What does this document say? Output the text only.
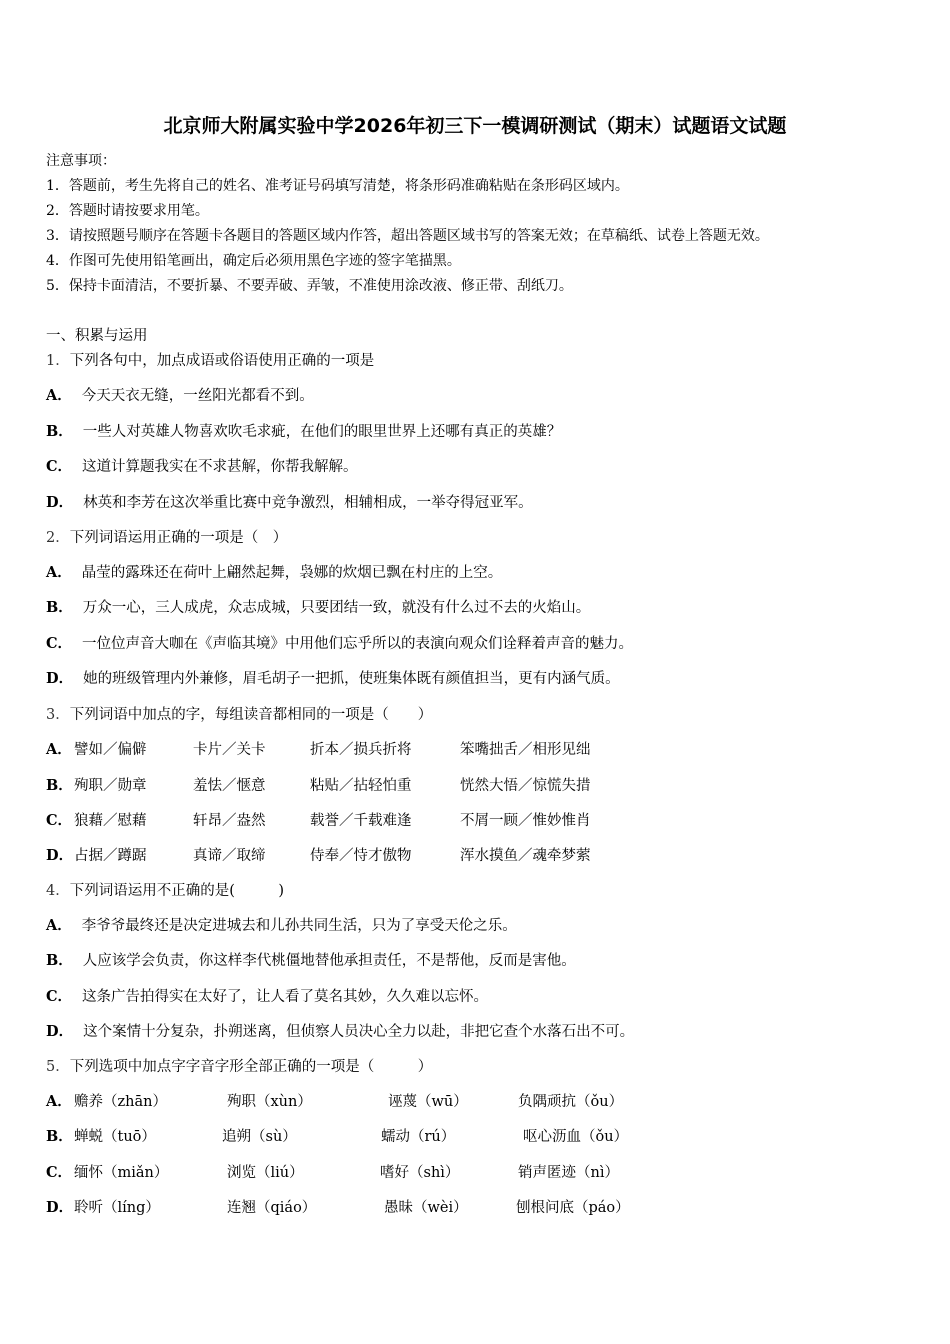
北京师大附属实验中学2026年初三下一模调研测试（期末）试题语文试题
注意事项：
1．答题前，考生先将自己的姓名、准考证号码填写清楚，将条形码准确粘贴在条形码区域内。
2．答题时请按要求用笔。
3．请按照题号顺序在答题卡各题目的答题区域内作答，超出答题区域书写的答案无效；在草稿纸、试卷上答题无效。
4．作图可先使用铅笔画出，确定后必须用黑色字迹的签字笔描黑。
5．保持卡面清洁，不要折暴、不要弄破、弄皱，不准使用涂改液、修正带、刮纸刀。
一、积累与运用
1．下列各句中，加点成语或俗语使用正确的一项是
A． 今天天衣无缝，一丝阳光都看不到。
B． 一些人对英雄人物喜欢吹毛求疵，在他们的眼里世界上还哪有真正的英雄？
C． 这道计算题我实在不求甚解，你帮我解解。
D． 林英和李芳在这次举重比赛中竞争激烈，相辅相成，一举夺得冠亚军。
2．下列词语运用正确的一项是（　）
A． 晶莹的露珠还在荷叶上翩然起舞，袅娜的炊烟已飘在村庄的上空。
B． 万众一心，三人成虎，众志成城，只要团结一致，就没有什么过不去的火焰山。
C． 一位位声音大咖在《声临其境》中用他们忘乎所以的表演向观众们诠释着声音的魅力。
D． 她的班级管理内外兼修，眉毛胡子一把抓，使班集体既有颜值担当，更有内涵气质。
3．下列词语中加点的字，每组读音都相同的一项是（　　）
A． 譬如／偏僻	卡片／关卡	折本／损兵折将	笨嘴拙舌／相形见绌
B． 殉职／勋章	羞怯／惬意	粘贴／拈轻怕重	恍然大悟／惊慌失措
C． 狼藉／慰藉	轩昂／盎然	载誉／千载难逢	不屑一顾／惟妙惟肖
D． 占据／蹲踞	真谛／取缔	侍奉／恃才傲物	浑水摸鱼／魂牵梦萦
4．下列词语运用不正确的是(　　　)
A． 李爷爷最终还是决定进城去和儿孙共同生活，只为了享受天伦之乐。
B． 人应该学会负责，你这样李代桃僵地替他承担责任，不是帮他，反而是害他。
C． 这条广告拍得实在太好了，让人看了莫名其妙，久久难以忘怀。
D． 这个案情十分复杂，扑朔迷离，但侦察人员决心全力以赴，非把它查个水落石出不可。
5．下列选项中加点字字音字形全部正确的一项是（　　　）
A． 赡养（zhān）	殉职（xùn）	诬蔑（wū）	负隅顽抗（ǒu）
B． 蝉蜕（tuō）	追朔（sù）	蠕动（rú）	呕心沥血（ǒu）
C． 缅怀（miǎn）	浏览（liú）	嗜好（shì）	销声匿迹（nì）
D． 聆听（líng）	连翘（qiáo）	愚昧（wèi）	刨根问底（páo）
